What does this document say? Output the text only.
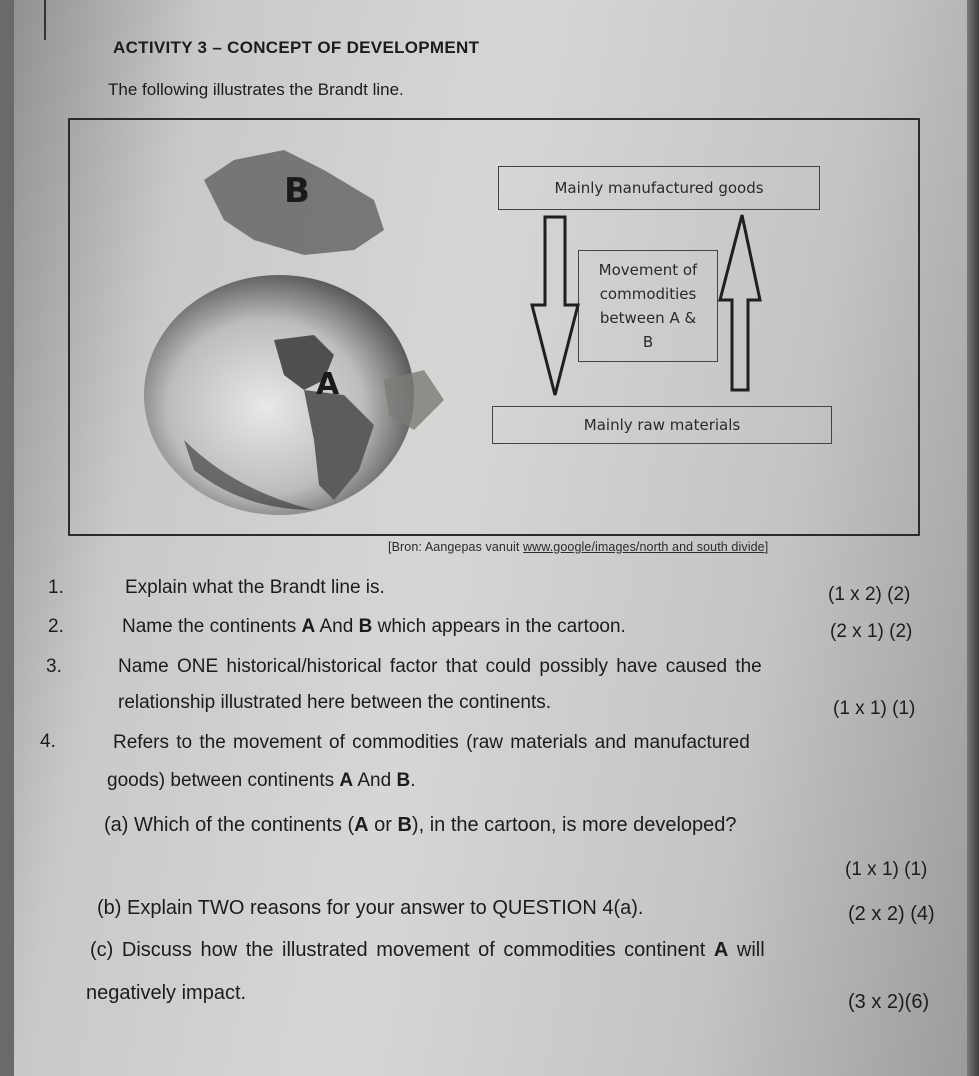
ACTIVITY 3 – CONCEPT OF DEVELOPMENT
The following illustrates the Brandt line.
B
A
Mainly manufactured goods
Movement of
commodities
between A &
B
Mainly raw materials
[Bron: Aangepas vanuit www.google/images/north and south divide]
1.	Explain what the Brandt line is.	(1 x 2) (2)
2.	Name the continents A And B which appears in the cartoon.	(2 x 1) (2)
3.	Name ONE historical/historical factor that could possibly have caused the
relationship illustrated here between the continents.	(1 x 1) (1)
4.	Refers to the movement of commodities (raw materials and manufactured
goods) between continents A And B.
(a) Which of the continents (A or B), in the cartoon, is more developed?
(1 x 1) (1)
(b) Explain TWO reasons for your answer to QUESTION 4(a).	(2 x 2) (4)
(c) Discuss how the illustrated movement of commodities continent A will
negatively impact.	(3 x 2)(6)
